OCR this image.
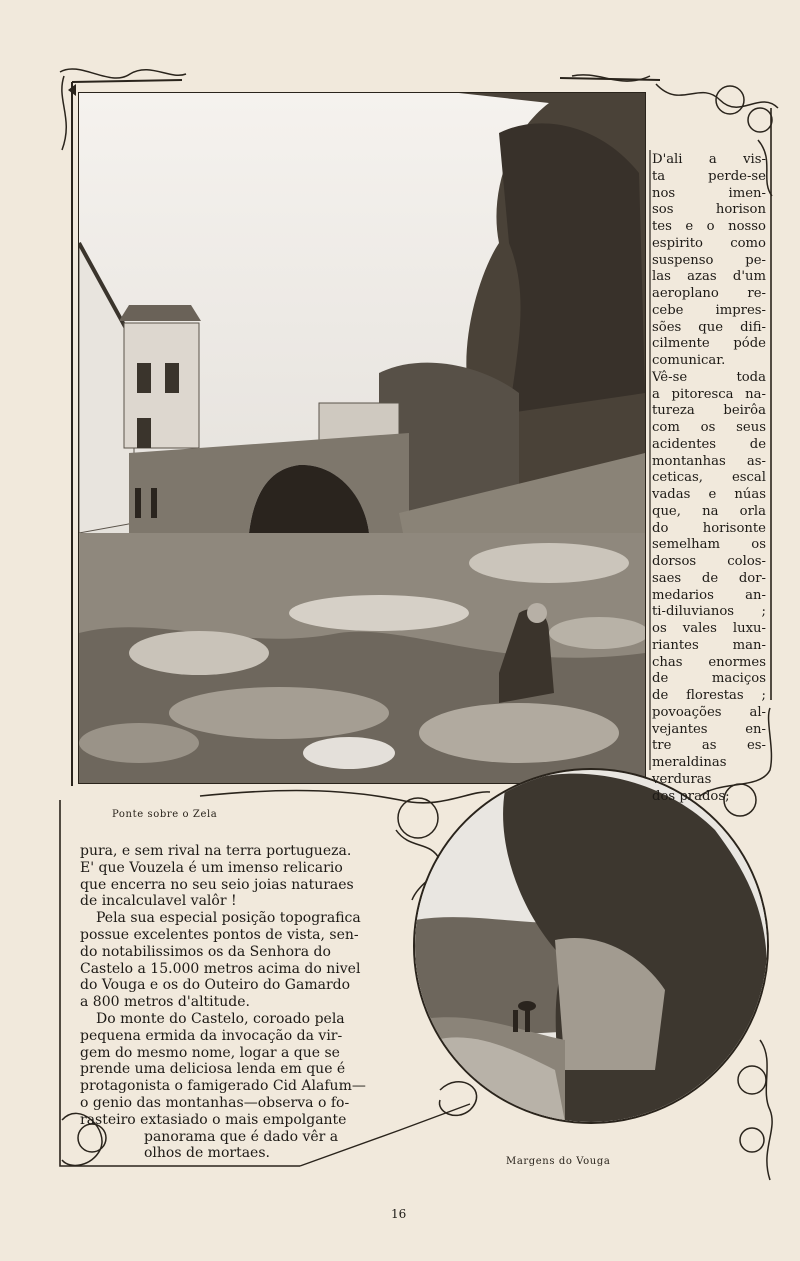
D'ali a vis-
ta perde-se
nos imen-
sos horison
tes e o nosso
espirito como
suspenso pe-
las azas d'um
aeroplano re-
cebe impres-
sões que difi-
cilmente póde
comunicar.
Vê-se toda
a pitoresca na-
tureza beirôa
com os seus
acidentes de
montanhas as-
ceticas, escal
vadas e núas
que, na orla
do horisonte
semelham os
dorsos colos-
saes de dor-
medarios an-
ti-diluvianos ;
os vales luxu-
riantes man-
chas enormes
de maciços
de florestas ;
povoações al-
vejantes en-
tre as es-
meraldinas
verduras
dos prados;
Ponte sobre o Zela
Margens do Vouga
pura, e sem rival na terra portugueza.
E' que Vouzela é um imenso relicario
que encerra no seu seio joias naturaes
de incalculavel valôr !
Pela sua especial posição topografica
possue excelentes pontos de vista, sen-
do notabilissimos os da Senhora do
Castelo a 15.000 metros acima do nivel
do Vouga e os do Outeiro do Gamardo
a 800 metros d'altitude.
Do monte do Castelo, coroado pela
pequena ermida da invocação da vir-
gem do mesmo nome, logar a que se
prende uma deliciosa lenda em que é
protagonista o famigerado Cid Alafum—
o genio das montanhas—observa o fo-
rasteiro extasiado o mais empolgante
panorama que é dado vêr a
olhos de mortaes.
16
